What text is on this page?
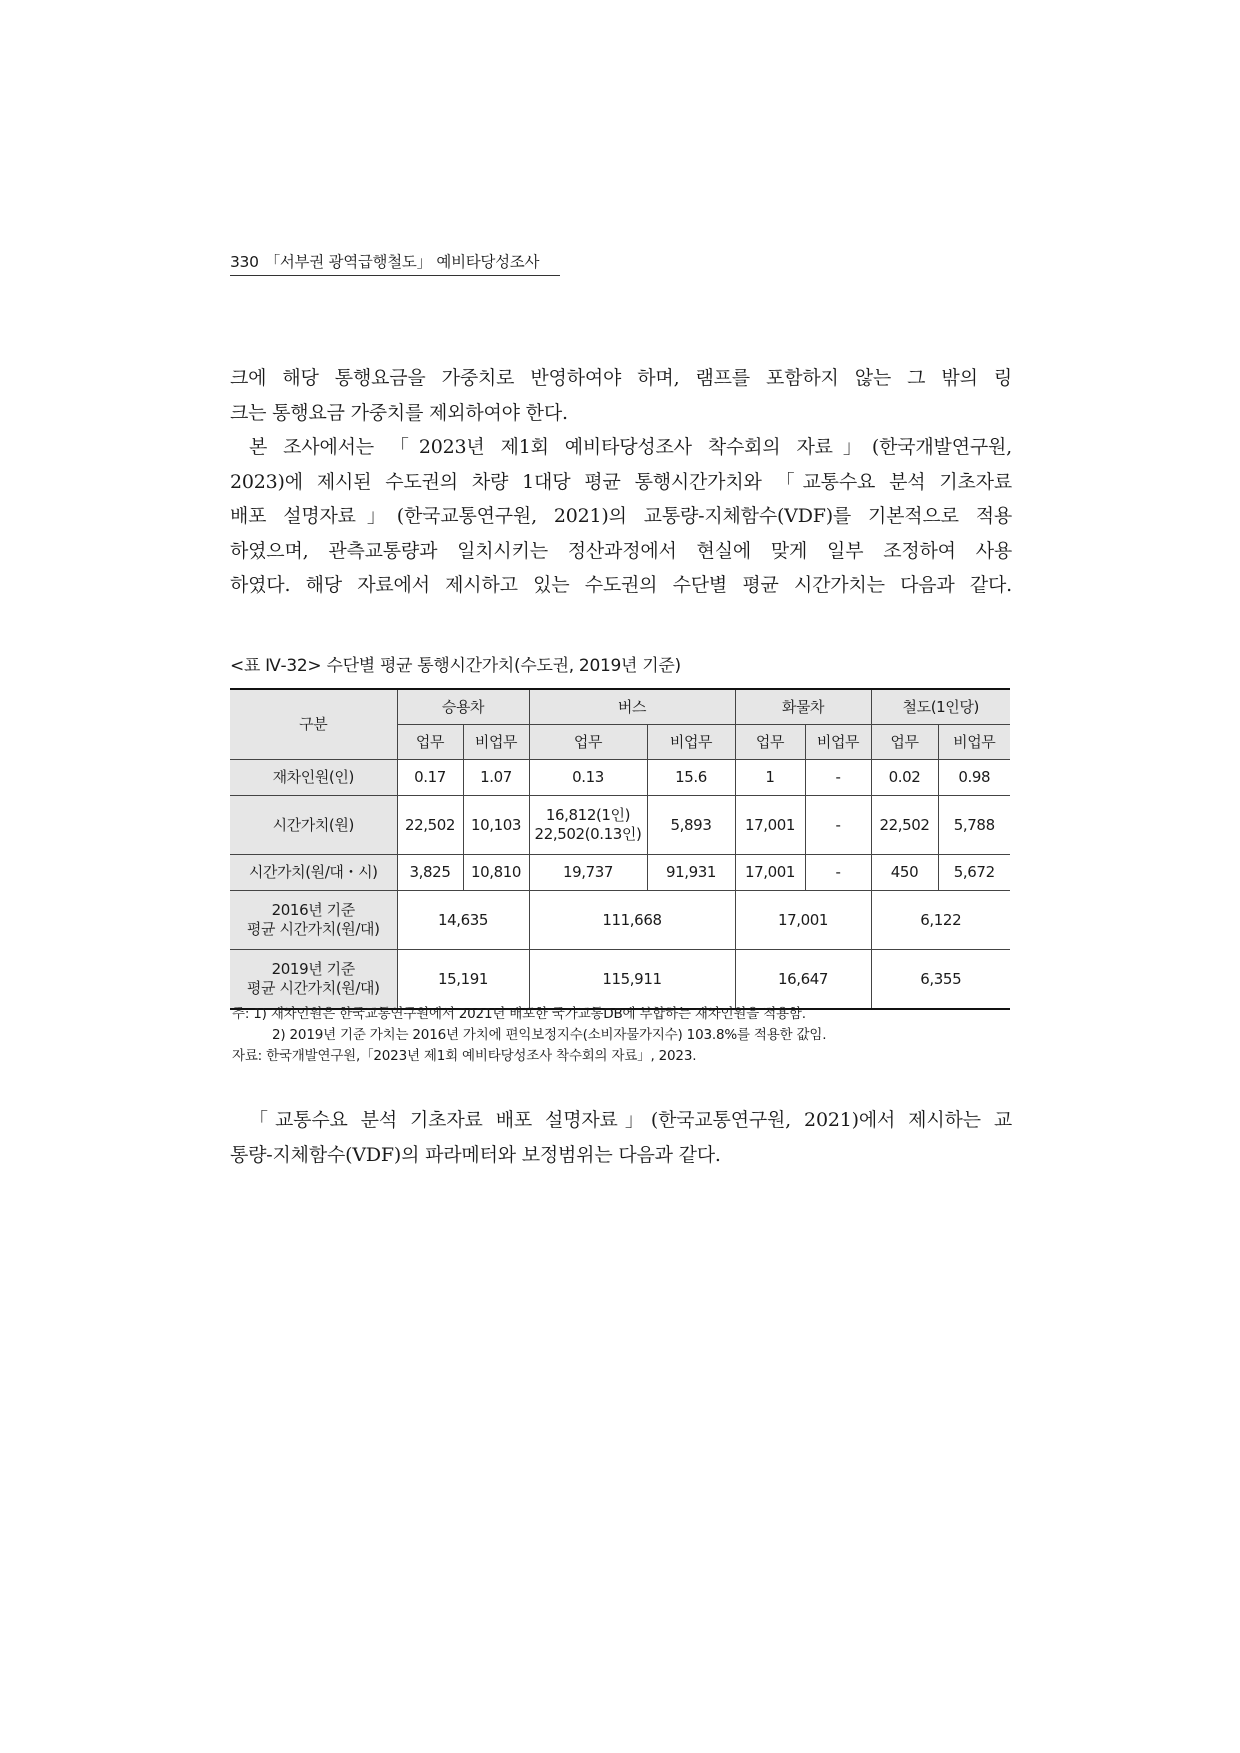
330 「서부권 광역급행철도」 예비타당성조사

크에 해당 통행요금을 가중치로 반영하여야 하며, 램프를 포함하지 않는 그 밖의 링

크는 통행요금 가중치를 제외하여야 한다.

본 조사에서는 「2023년 제1회 예비타당성조사 착수회의 자료」(한국개발연구원,

2023)에 제시된 수도권의 차량 1대당 평균 통행시간가치와 「교통수요 분석 기초자료

배포 설명자료」(한국교통연구원, 2021)의 교통량-지체함수(VDF)를 기본적으로 적용

하였으며, 관측교통량과 일치시키는 정산과정에서 현실에 맞게 일부 조정하여 사용

하였다. 해당 자료에서 제시하고 있는 수도권의 수단별 평균 시간가치는 다음과 같다.

<표 Ⅳ-32> 수단별 평균 통행시간가치(수도권, 2019년 기준)
구분	승용차		버스		화물차		철도(1인당)	
	업무	비업무	업무	비업무	업무	비업무	업무	비업무
재차인원(인)	0.17	1.07	0.13	15.6	1	-	0.02	0.98
시간가치(원)	22,502	10,103	16,812(1인)
22,502(0.13인)	5,893	17,001	-	22,502	5,788
시간가치(원/대・시)	3,825	10,810	19,737	91,931	17,001	-	450	5,672

2016년 기준
평균 시간가치(원/대)	14,635		111,668		17,001		6,122	

2019년 기준
평균 시간가치(원/대)	15,191		115,911		16,647		6,355	
주: 1) 재차인원은 한국교통연구원에서 2021년 배포한 국가교통DB에 부합하는 재차인원을 적용함.
2) 2019년 기준 가치는 2016년 가치에 편익보정지수(소비자물가지수) 103.8%를 적용한 값임.
자료: 한국개발연구원,「2023년 제1회 예비타당성조사 착수회의 자료」, 2023.

「교통수요 분석 기초자료 배포 설명자료」(한국교통연구원, 2021)에서 제시하는 교

통량-지체함수(VDF)의 파라메터와 보정범위는 다음과 같다.
